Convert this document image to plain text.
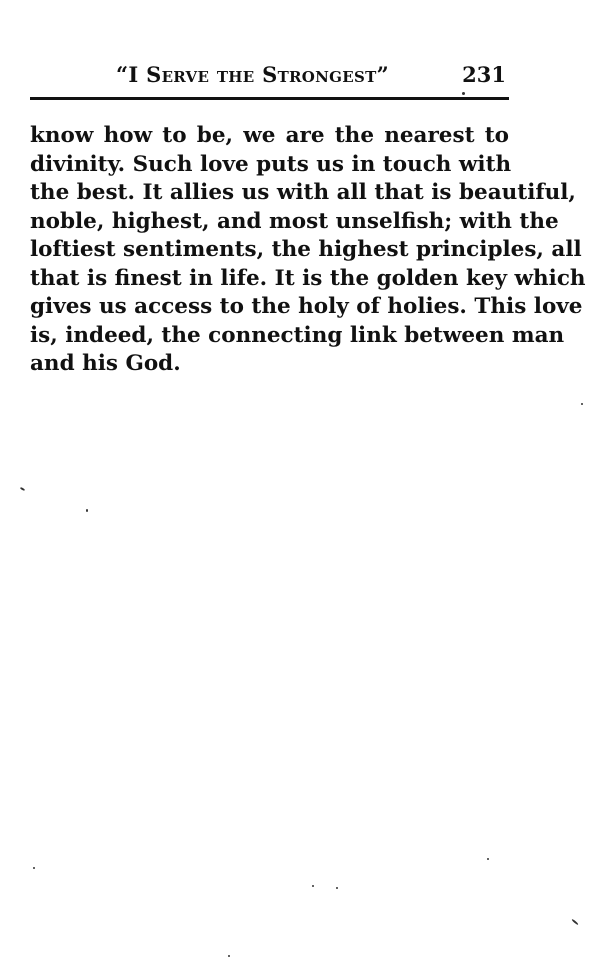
“I Serve the Strongest”	231
know how to be, we are the nearest to
divinity. Such love puts us in touch with
the best. It allies us with all that is beautiful,
noble, highest, and most unselfish; with the
loftiest sentiments, the highest principles, all
that is finest in life. It is the golden key which
gives us access to the holy of holies. This love
is, indeed, the connecting link between man
and his God.
